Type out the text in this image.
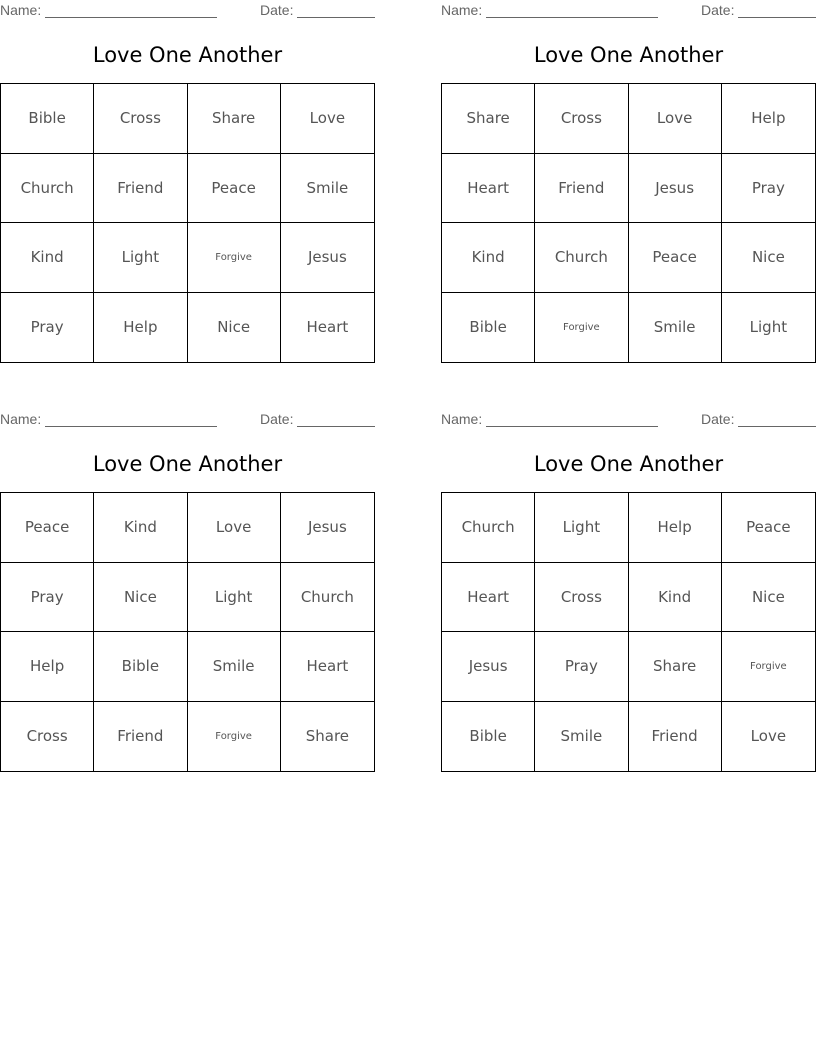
Name:	Date:
Love One Another
Bible	Cross	Share	Love
Church	Friend	Peace	Smile
Kind	Light	Forgive	Jesus
Pray	Help	Nice	Heart
Name:	Date:
Love One Another
Share	Cross	Love	Help
Heart	Friend	Jesus	Pray
Kind	Church	Peace	Nice
Bible	Forgive	Smile	Light
Name:	Date:
Love One Another
Peace	Kind	Love	Jesus
Pray	Nice	Light	Church
Help	Bible	Smile	Heart
Cross	Friend	Forgive	Share
Name:	Date:
Love One Another
Church	Light	Help	Peace
Heart	Cross	Kind	Nice
Jesus	Pray	Share	Forgive
Bible	Smile	Friend	Love
